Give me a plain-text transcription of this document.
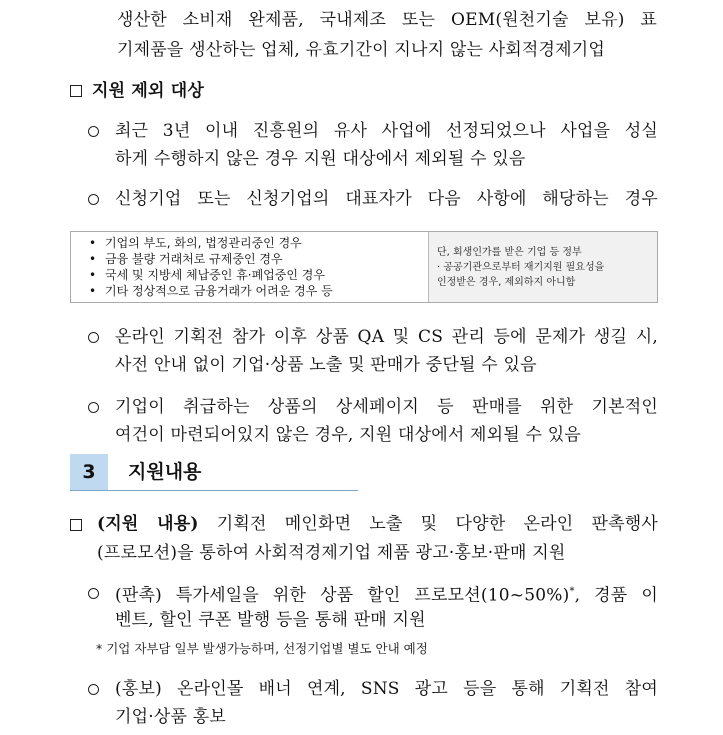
생산한 소비재 완제품, 국내제조 또는 OEM(원천기술 보유) 표
기제품을 생산하는 업체, 유효기간이 지나지 않는 사회적경제기업
지원 제외 대상
최근 3년 이내 진흥원의 유사 사업에 선정되었으나 사업을 성실
하게 수행하지 않은 경우 지원 대상에서 제외될 수 있음
신청기업 또는 신청기업의 대표자가 다음 사항에 해당하는 경우
• 기업의 부도, 화의, 법정관리중인 경우
• 금융 불량 거래처로 규제중인 경우
• 국세 및 지방세 체납중인 휴·폐업중인 경우
• 기타 정상적으로 금융거래가 어려운 경우 등
단, 회생인가를 받은 기업 등 정부
· 공공기관으로부터 재기지원 필요성을
인정받은 경우, 제외하지 아니함
온라인 기획전 참가 이후 상품 QA 및 CS 관리 등에 문제가 생길 시,
사전 안내 없이 기업·상품 노출 및 판매가 중단될 수 있음
기업이 취급하는 상품의 상세페이지 등 판매를 위한 기본적인
여건이 마련되어있지 않은 경우, 지원 대상에서 제외될 수 있음
3	지원내용
(지원 내용) 기획전 메인화면 노출 및 다양한 온라인 판촉행사
(프로모션)을 통하여 사회적경제기업 제품 광고·홍보·판매 지원
(판촉) 특가세일을 위한 상품 할인 프로모션(10~50%)*, 경품 이
벤트, 할인 쿠폰 발행 등을 통해 판매 지원
* 기업 자부담 일부 발생가능하며, 선정기업별 별도 안내 예정
(홍보) 온라인몰 배너 연계, SNS 광고 등을 통해 기획전 참여
기업·상품 홍보
